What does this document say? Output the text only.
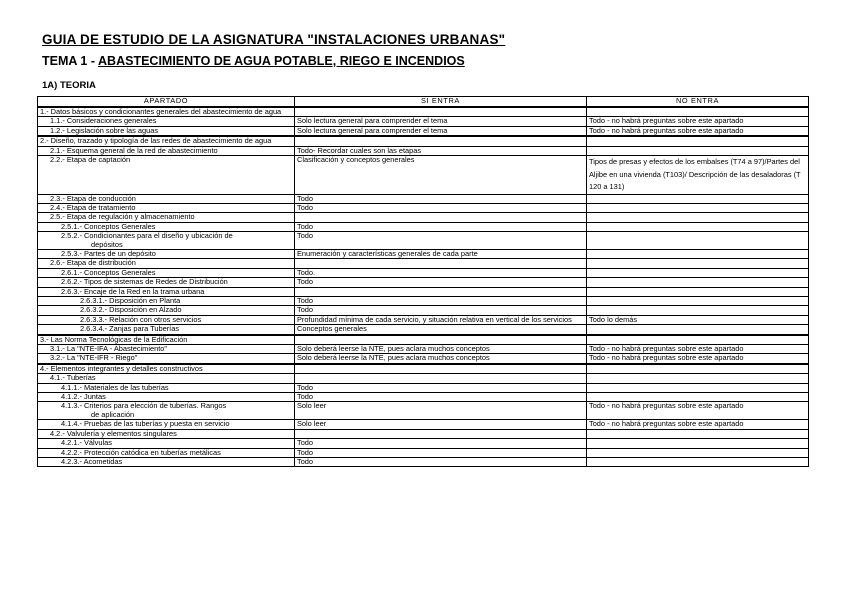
GUIA DE ESTUDIO DE LA ASIGNATURA "INSTALACIONES URBANAS"
TEMA 1 - ABASTECIMIENTO DE AGUA POTABLE, RIEGO E INCENDIOS
1A) TEORIA
APARTADO	SI ENTRA	NO ENTRA
1.- Datos básicos y condicionantes generales del abastecimiento de agua		
1.1.- Consideraciones generales	Solo lectura general para comprender el tema	Todo - no habrá preguntas sobre este apartado
1.2.- Legislación sobre las aguas	Solo lectura general para comprender el tema	Todo - no habrá preguntas sobre este apartado
2.- Diseño, trazado y tipología de las redes de abastecimiento de agua		
2.1.- Esquema general de la red de abastecimiento	Todo- Recordar cuales son las etapas	
2.2.- Etapa de captación	Clasificación y conceptos generales	Tipos de presas y efectos de los embalses (T74 a 97)/Partes del Aljibe en una vivienda (T103)/ Descripción de las desaladoras (T 120 a 131)
2.3.- Etapa de conducción	Todo	
2.4.- Etapa de tratamiento	Todo	
2.5.- Etapa de regulación y almacenamiento		
2.5.1.- Conceptos Generales	Todo	
2.5.2.- Condicionantes para el diseño y ubicación de
depósitos	Todo	
2.5.3.- Partes de un depósito	Enumeración y características generales de cada parte	
2.6.- Etapa de distribución		
2.6.1.- Conceptos Generales	Todo.	
2.6.2.- Tipos de sistemas de Redes de Distribución	Todo	
2.6.3.- Encaje de la Red en la trama urbana		
2.6.3.1.- Disposición en Planta	Todo	
2.6.3.2.- Disposición en Alzado	Todo	
2.6.3.3.- Relación con otros servicios	Profundidad mínima de cada servicio, y situación relativa en vertical de los servicios	Todo lo demás
2.6.3.4.- Zanjas para Tuberías	Conceptos generales	
3.- Las Norma Tecnológicas de la Edificación		
3.1.- La "NTE-IFA - Abastecimiento"	Solo deberá leerse la NTE, pues aclara muchos conceptos	Todo - no habrá preguntas sobre este apartado
3.2.- La "NTE-IFR - Riego"	Solo deberá leerse la NTE, pues aclara muchos conceptos	Todo - no habrá preguntas sobre este apartado
4.- Elementos integrantes y detalles constructivos		
4.1.- Tuberías		
4.1.1.- Materiales de las tuberías	Todo	
4.1.2.- Juntas	Todo	
4.1.3.- Criterios para elección de tuberías. Rangos
de aplicación	Solo leer	Todo - no habrá preguntas sobre este apartado
4.1.4.- Pruebas de las tuberías y puesta en servicio	Solo leer	Todo - no habrá preguntas sobre este apartado
4.2.- Valvulería y elementos singulares		
4.2.1.- Válvulas	Todo	
4.2.2.- Protección catódica en tuberías metálicas	Todo	
4.2.3.- Acometidas	Todo	
